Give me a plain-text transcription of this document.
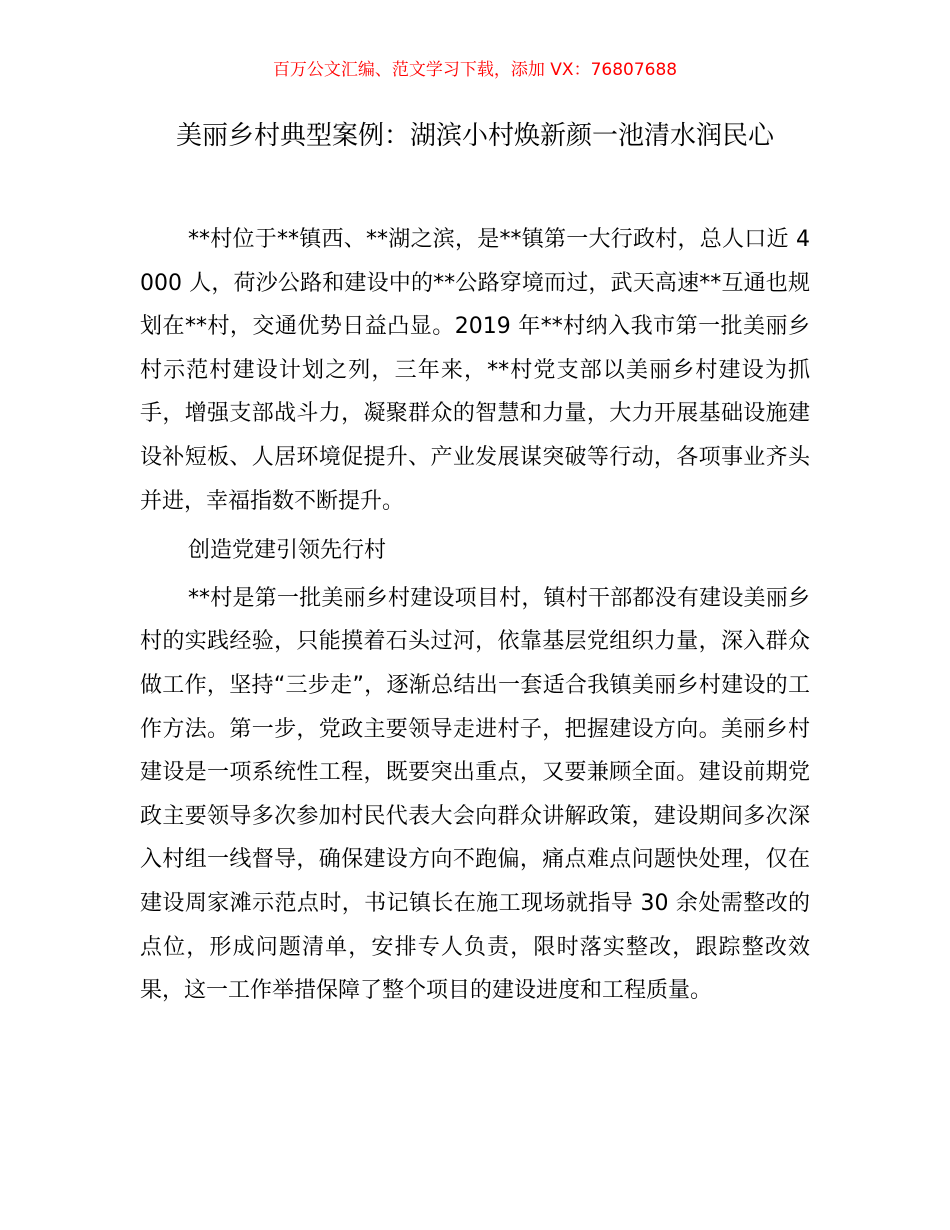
百万公文汇编、范文学习下载，添加 VX：76807688
美丽乡村典型案例：湖滨小村焕新颜一池清水润民心

**村位于**镇西、**湖之滨，是**镇第一大行政村，总人口近 4000 人，荷沙公路和建设中的**公路穿境而过，武天高速**互通也规划在**村，交通优势日益凸显。2019 年**村纳入我市第一批美丽乡村示范村建设计划之列，三年来，**村党支部以美丽乡村建设为抓手，增强支部战斗力，凝聚群众的智慧和力量，大力开展基础设施建设补短板、人居环境促提升、产业发展谋突破等行动，各项事业齐头并进，幸福指数不断提升。

创造党建引领先行村

**村是第一批美丽乡村建设项目村，镇村干部都没有建设美丽乡村的实践经验，只能摸着石头过河，依靠基层党组织力量，深入群众做工作，坚持“三步走”，逐渐总结出一套适合我镇美丽乡村建设的工作方法。第一步，党政主要领导走进村子，把握建设方向。美丽乡村建设是一项系统性工程，既要突出重点，又要兼顾全面。建设前期党政主要领导多次参加村民代表大会向群众讲解政策，建设期间多次深入村组一线督导，确保建设方向不跑偏，痛点难点问题快处理，仅在建设周家滩示范点时，书记镇长在施工现场就指导 30 余处需整改的点位，形成问题清单，安排专人负责，限时落实整改，跟踪整改效果，这一工作举措保障了整个项目的建设进度和工程质量。
